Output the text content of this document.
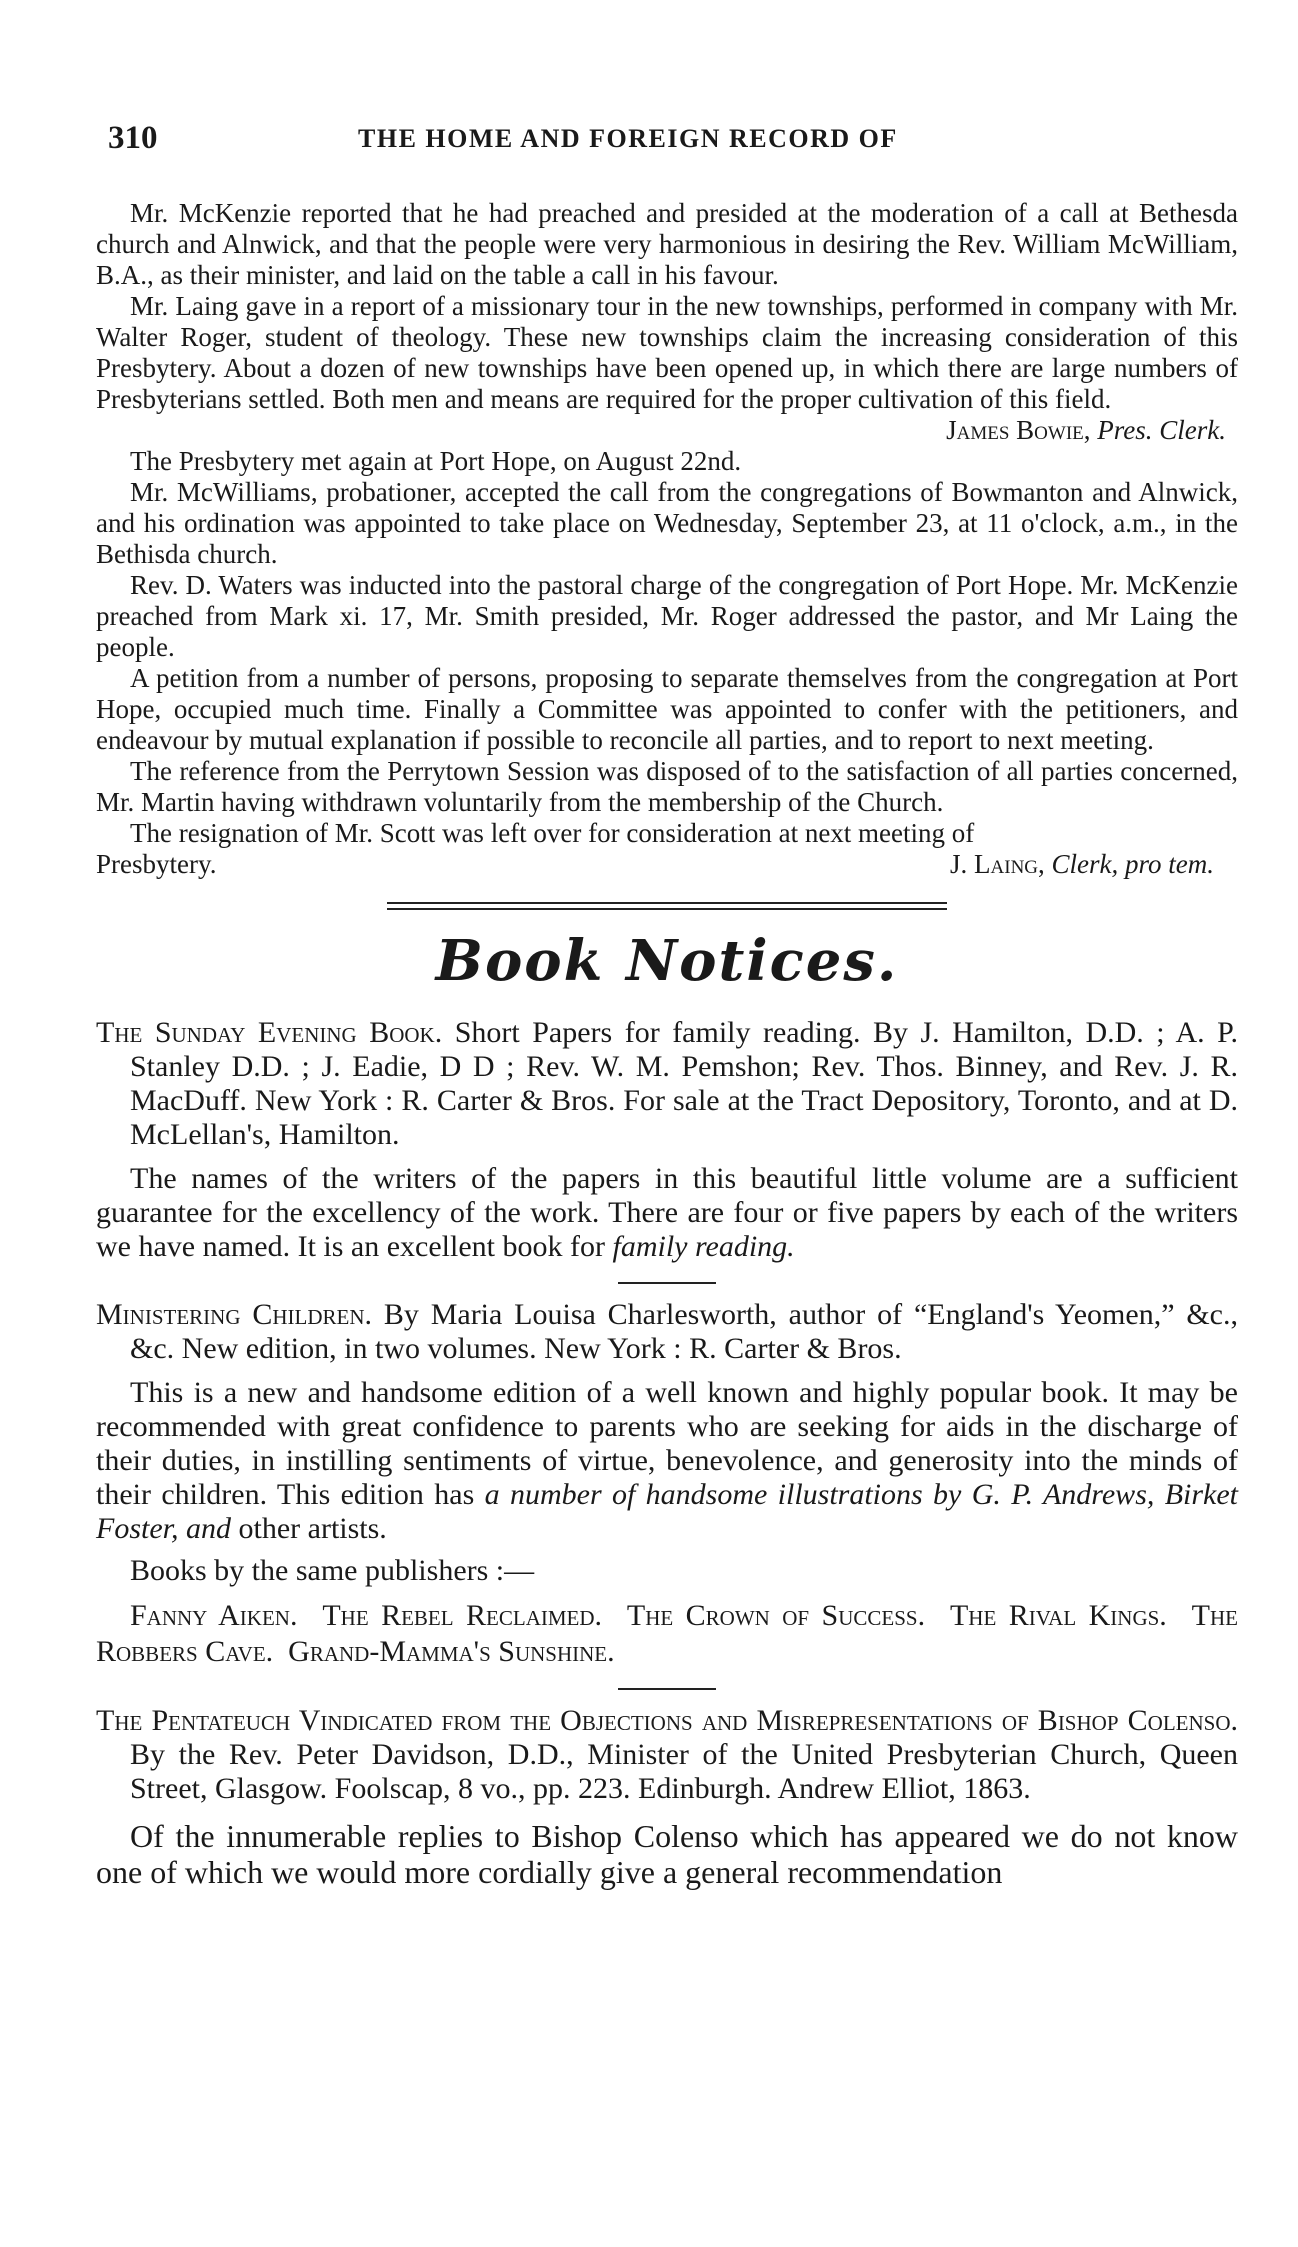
310	THE HOME AND FOREIGN RECORD OF

Mr. McKenzie reported that he had preached and presided at the moderation of a call at Bethesda church and Alnwick, and that the people were very harmonious in desiring the Rev. William McWilliam, B.A., as their minister, and laid on the table a call in his favour.

Mr. Laing gave in a report of a missionary tour in the new townships, performed in company with Mr. Walter Roger, student of theology. These new townships claim the increasing consideration of this Presbytery. About a dozen of new townships have been opened up, in which there are large numbers of Presbyterians settled. Both men and means are required for the proper cultivation of this field.

James Bowie, Pres. Clerk.

The Presbytery met again at Port Hope, on August 22nd.

Mr. McWilliams, probationer, accepted the call from the congregations of Bowmanton and Alnwick, and his ordination was appointed to take place on Wednesday, September 23, at 11 o'clock, a.m., in the Bethisda church.

Rev. D. Waters was inducted into the pastoral charge of the congregation of Port Hope. Mr. McKenzie preached from Mark xi. 17, Mr. Smith presided, Mr. Roger addressed the pastor, and Mr Laing the people.

A petition from a number of persons, proposing to separate themselves from the congregation at Port Hope, occupied much time. Finally a Committee was appointed to confer with the petitioners, and endeavour by mutual explanation if possible to reconcile all parties, and to report to next meeting.

The reference from the Perrytown Session was disposed of to the satisfaction of all parties concerned, Mr. Martin having withdrawn voluntarily from the membership of the Church.

The resignation of Mr. Scott was left over for consideration at next meeting of

Presbytery.	J. Laing, Clerk, pro tem.
Book Notices.

The Sunday Evening Book. Short Papers for family reading. By J. Hamilton, D.D. ; A. P. Stanley D.D. ; J. Eadie, D D ; Rev. W. M. Pemshon; Rev. Thos. Binney, and Rev. J. R. MacDuff. New York : R. Carter & Bros. For sale at the Tract Depository, Toronto, and at D. McLellan's, Hamilton.

The names of the writers of the papers in this beautiful little volume are a sufficient guarantee for the excellency of the work. There are four or five papers by each of the writers we have named. It is an excellent book for family reading.

Ministering Children. By Maria Louisa Charlesworth, author of “England's Yeomen,” &c., &c. New edition, in two volumes. New York : R. Carter & Bros.

This is a new and handsome edition of a well known and highly popular book. It may be recommended with great confidence to parents who are seeking for aids in the discharge of their duties, in instilling sentiments of virtue, benevolence, and generosity into the minds of their children. This edition has a number of handsome illustrations by G. P. Andrews, Birket Foster, and other artists.

Books by the same publishers :—

Fanny Aiken. The Rebel Reclaimed. The Crown of Success. The Rival Kings. The Robbers Cave. Grand-Mamma's Sunshine.

The Pentateuch Vindicated from the Objections and Misrepresentations of Bishop Colenso. By the Rev. Peter Davidson, D.D., Minister of the United Presbyterian Church, Queen Street, Glasgow. Foolscap, 8 vo., pp. 223. Edinburgh. Andrew Elliot, 1863.

Of the innumerable replies to Bishop Colenso which has appeared we do not know one of which we would more cordially give a general recommendation
